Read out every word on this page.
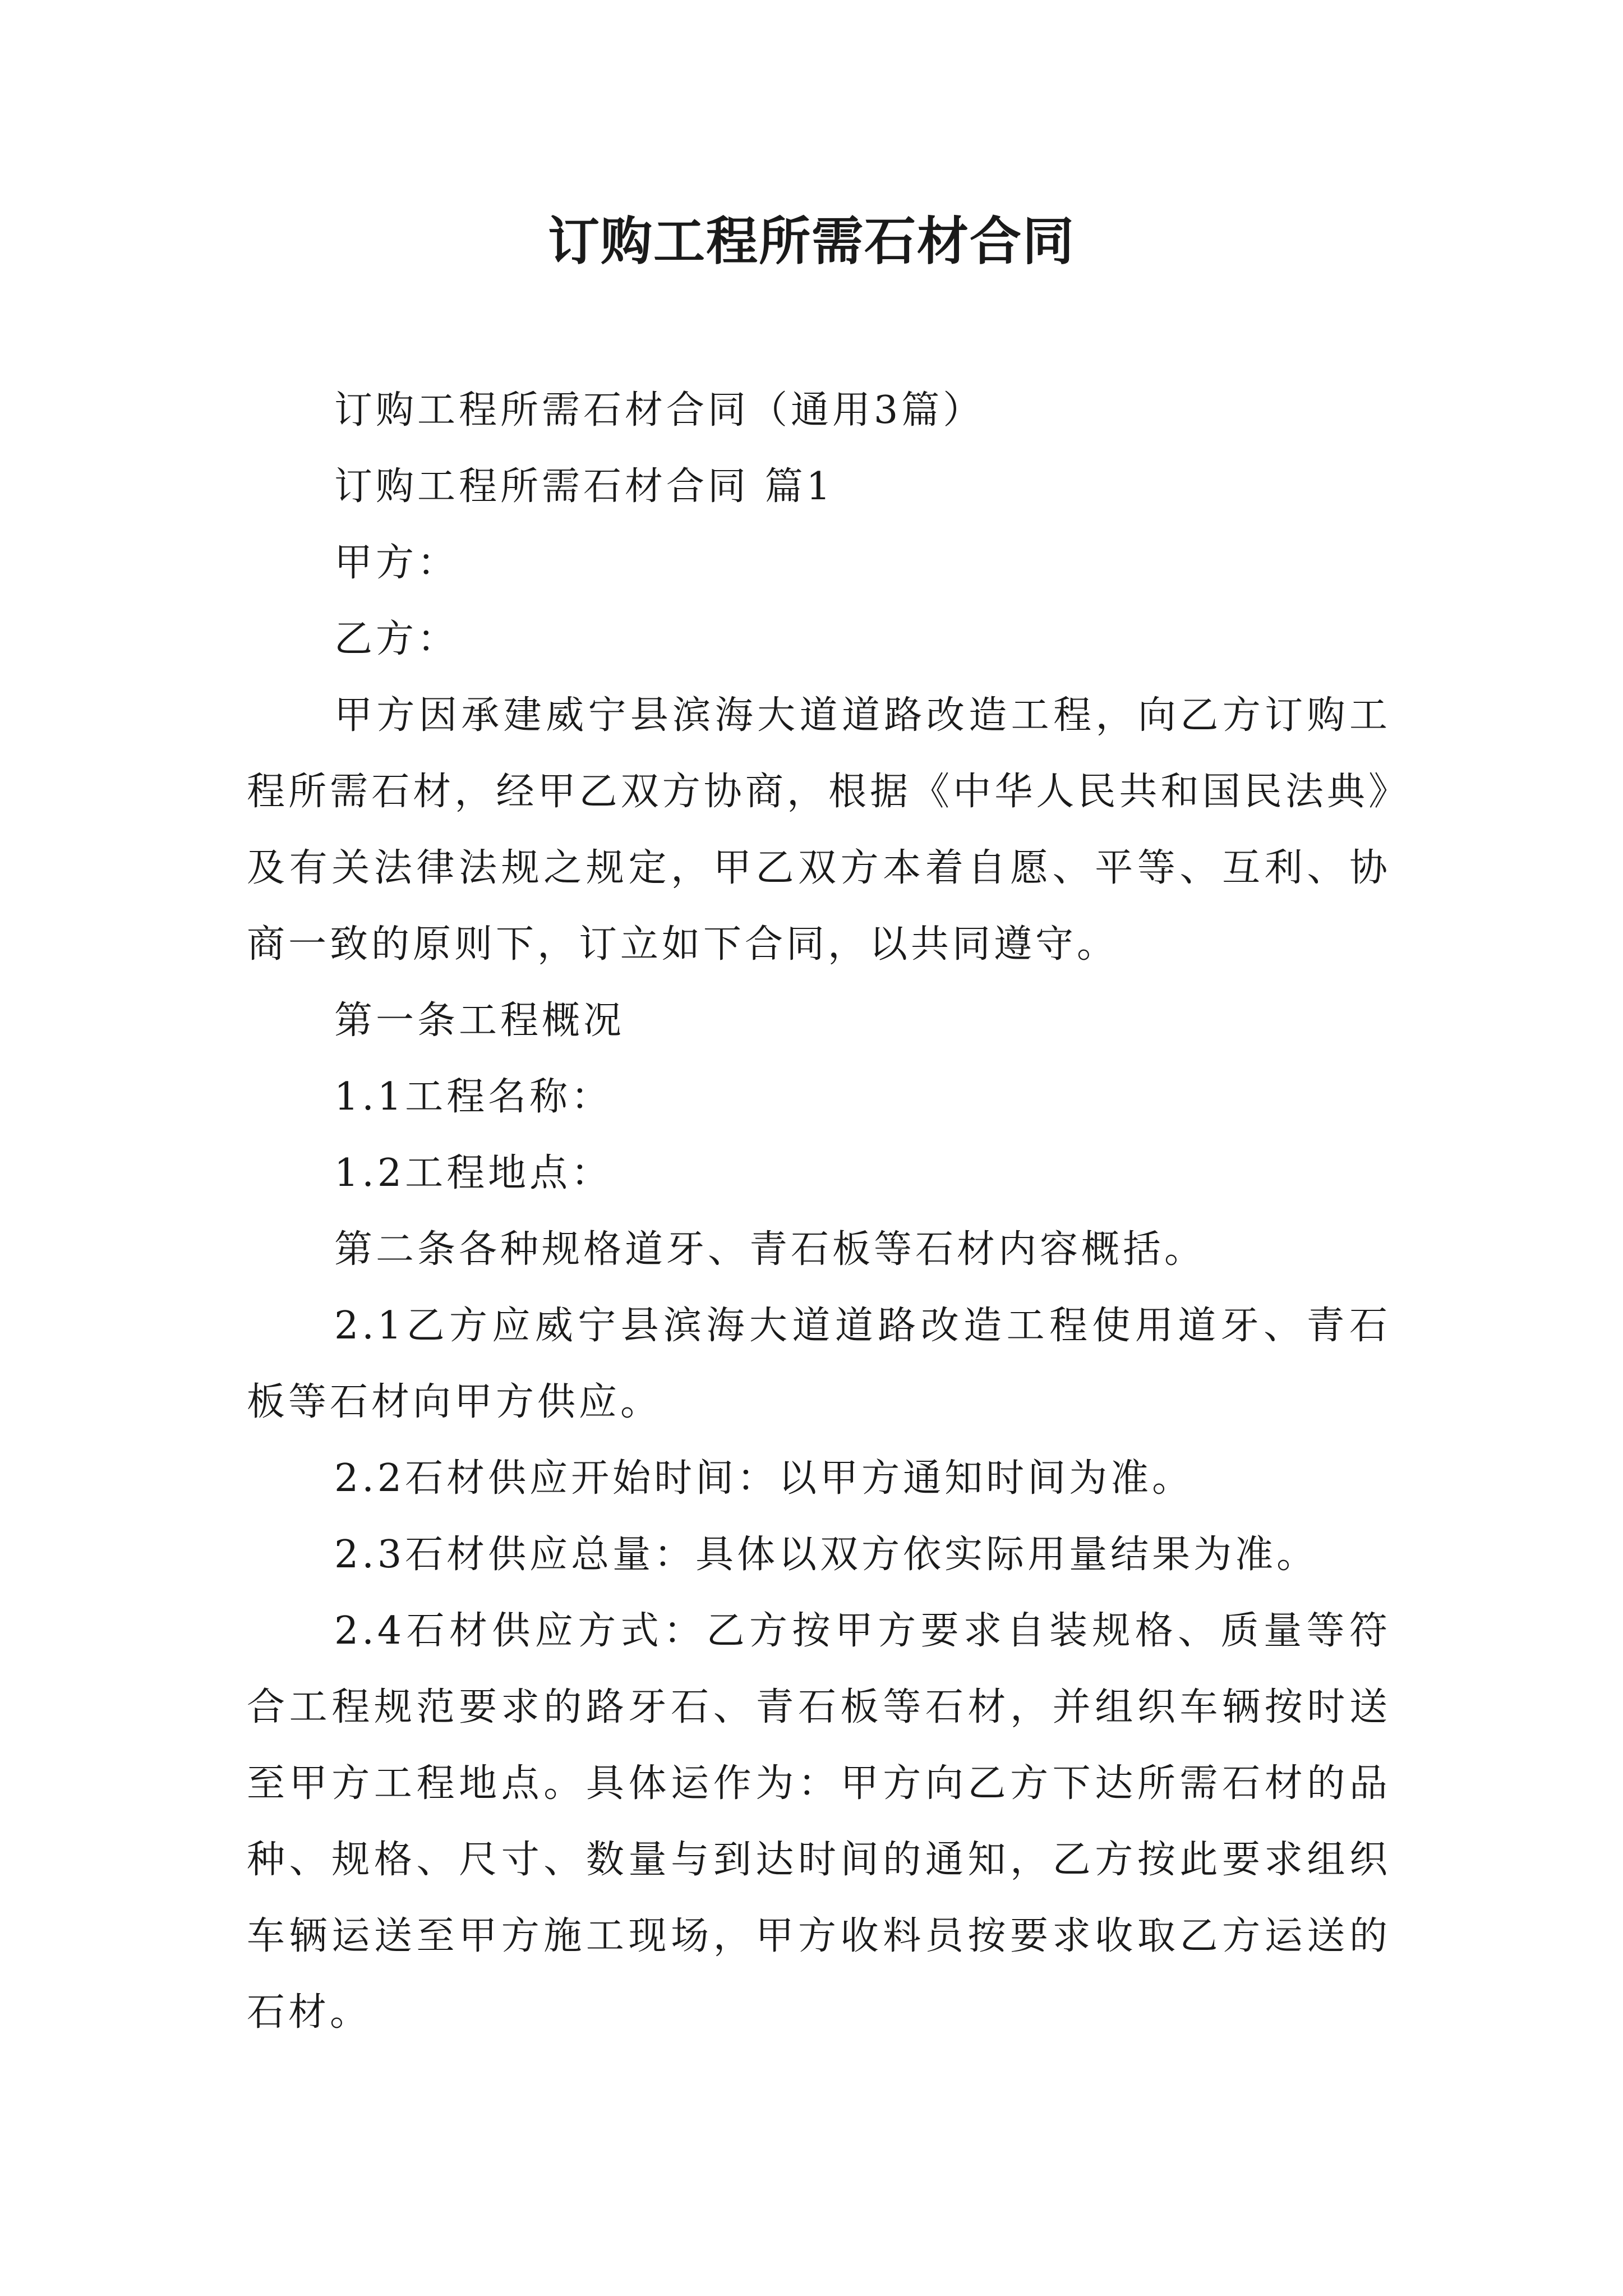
订购工程所需石材合同

订购工程所需石材合同（通用3篇）

订购工程所需石材合同 篇1

甲方：

乙方：

甲方因承建威宁县滨海大道道路改造工程，向乙方订购工程所需石材，经甲乙双方协商，根据《中华人民共和国民法典》及有关法律法规之规定，甲乙双方本着自愿、平等、互利、协商一致的原则下，订立如下合同，以共同遵守。

第一条工程概况

1.1工程名称：

1.2工程地点：

第二条各种规格道牙、青石板等石材内容概括。

2.1乙方应威宁县滨海大道道路改造工程使用道牙、青石板等石材向甲方供应。

2.2石材供应开始时间：以甲方通知时间为准。

2.3石材供应总量：具体以双方依实际用量结果为准。

2.4石材供应方式：乙方按甲方要求自装规格、质量等符合工程规范要求的路牙石、青石板等石材，并组织车辆按时送至甲方工程地点。具体运作为：甲方向乙方下达所需石材的品种、规格、尺寸、数量与到达时间的通知，乙方按此要求组织车辆运送至甲方施工现场，甲方收料员按要求收取乙方运送的石材。
